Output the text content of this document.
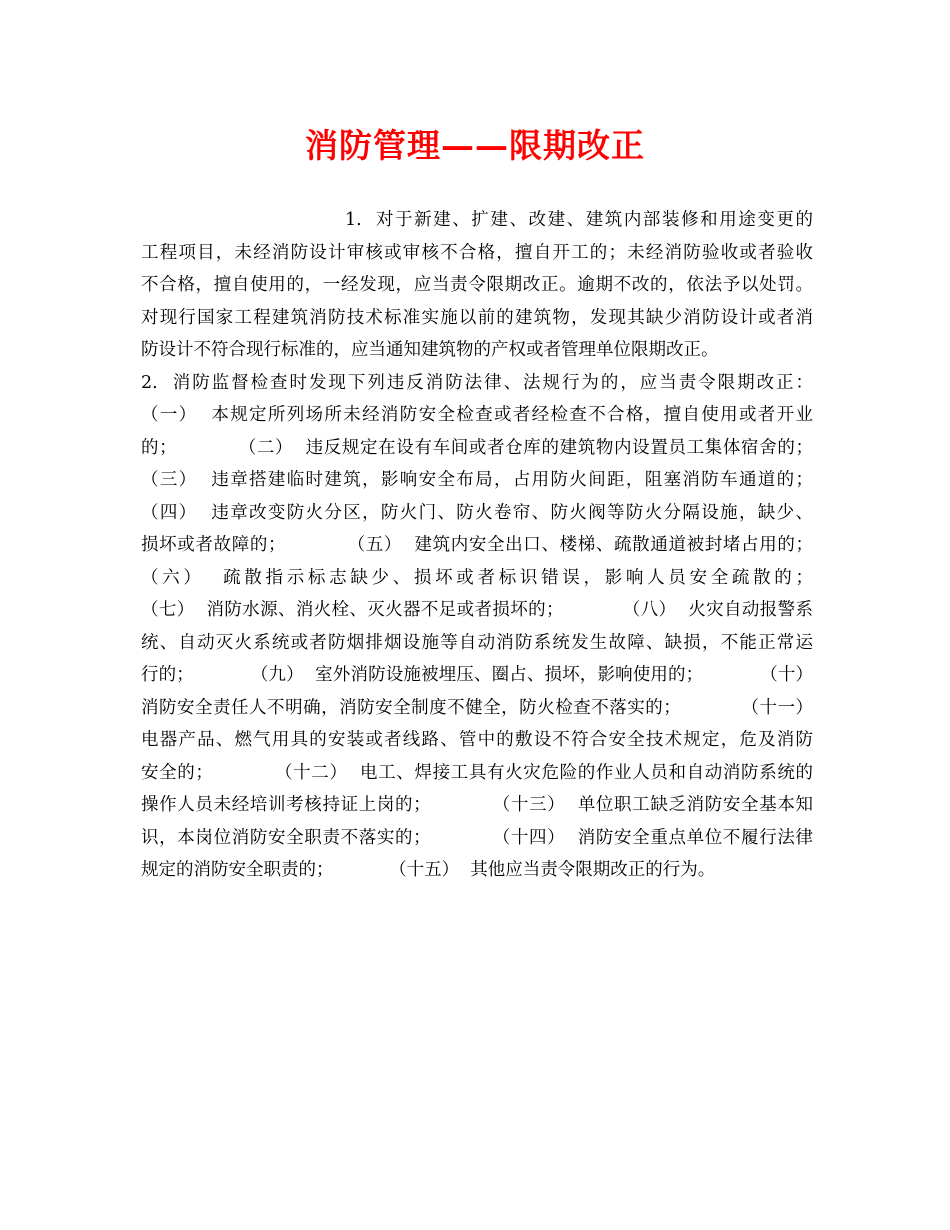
消防管理——限期改正
1.  对于新建、扩建、改建、建筑内部装修和用途变更的
工程项目，未经消防设计审核或审核不合格，擅自开工的；未经消防验收或者验收
不合格，擅自使用的，一经发现，应当责令限期改正。逾期不改的，依法予以处罚。
对现行国家工程建筑消防技术标准实施以前的建筑物，发现其缺少消防设计或者消
防设计不符合现行标准的，应当通知建筑物的产权或者管理单位限期改正。
2.  消防监督检查时发现下列违反消防法律、法规行为的，应当责令限期改正：
（一）  本规定所列场所未经消防安全检查或者经检查不合格，擅自使用或者开业
的；          （二）  违反规定在设有车间或者仓库的建筑物内设置员工集体宿舍的；
（三）  违章搭建临时建筑，影响安全布局，占用防火间距，阻塞消防车通道的；
（四）  违章改变防火分区，防火门、防火卷帘、防火阀等防火分隔设施，缺少、
损坏或者故障的；          （五）  建筑内安全出口、楼梯、疏散通道被封堵占用的；
（六）  疏散指示标志缺少、损坏或者标识错误，影响人员安全疏散的；
（七）  消防水源、消火栓、灭火器不足或者损坏的；          （八）  火灾自动报警系
统、自动灭火系统或者防烟排烟设施等自动消防系统发生故障、缺损，不能正常运
行的；          （九）  室外消防设施被埋压、圈占、损坏，影响使用的；          （十）
消防安全责任人不明确，消防安全制度不健全，防火检查不落实的；          （十一）
电器产品、燃气用具的安装或者线路、管中的敷设不符合安全技术规定，危及消防
安全的；          （十二）  电工、焊接工具有火灾危险的作业人员和自动消防系统的
操作人员未经培训考核持证上岗的；          （十三）  单位职工缺乏消防安全基本知
识，本岗位消防安全职责不落实的；          （十四）  消防安全重点单位不履行法律
规定的消防安全职责的；          （十五）  其他应当责令限期改正的行为。
